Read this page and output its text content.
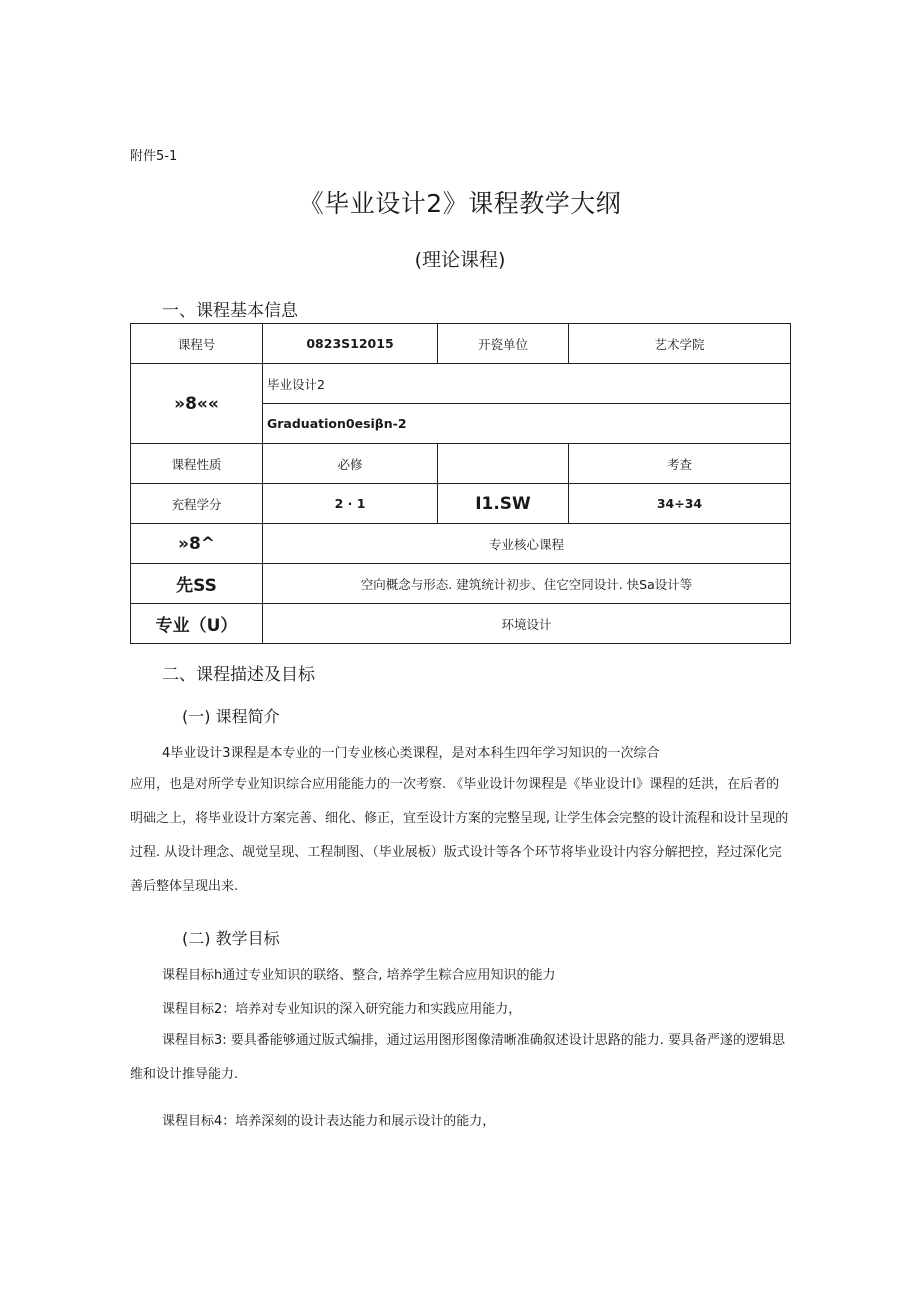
附件5-1
《毕业设计2》课程教学大纲
(理论课程)
一、课程基本信息
课程号	0823S12015	开瓷单位	艺术学院
»8««	毕业设计2		
	Graduation0esiβn-2		
课程性质	必修		考查
充程学分	2 · 1	I1.SW	34÷34
»8^	专业核心课程		
先SS	空向概念与形态. 建筑统计初步、住它空同设计. 快Sa设计等		
专业（U）	环境设计		
二、课程描述及目标
(一) 课程简介
4毕业设计3课程是本专业的一门专业核心类课程，是对本科生四年学习知识的一次综合
应用，也是对所学专业知识综合应用能能力的一次考察. 《毕业设计勿课程是《毕业设计Ⅰ》课程的廷洪，在后者的明础之上，将毕业设计方案完善、细化、修正，宜至设计方案的完整呈现, 让学生体会完整的设计流程和设计呈现的过程. 从设计理念、觇觉呈现、工程制图、（毕业展板）版式设计等各个环节将毕业设计内容分解把控，羟过深化完善后整体呈现出来.
(二) 教学目标
课程目标h通过专业知识的联络、整合, 培养学生粽合应用知识的能力
课程目标2：培养对专业知识的深入研究能力和实践应用能力，
课程目标3: 要具番能够通过版式编排，通过运用图形图像清晰准确叙述设计思路的能力. 要具备严遂的逻辑思维和设计推导能力.
课程目标4：培养深刻的设计表达能力和展示设计的能力，
